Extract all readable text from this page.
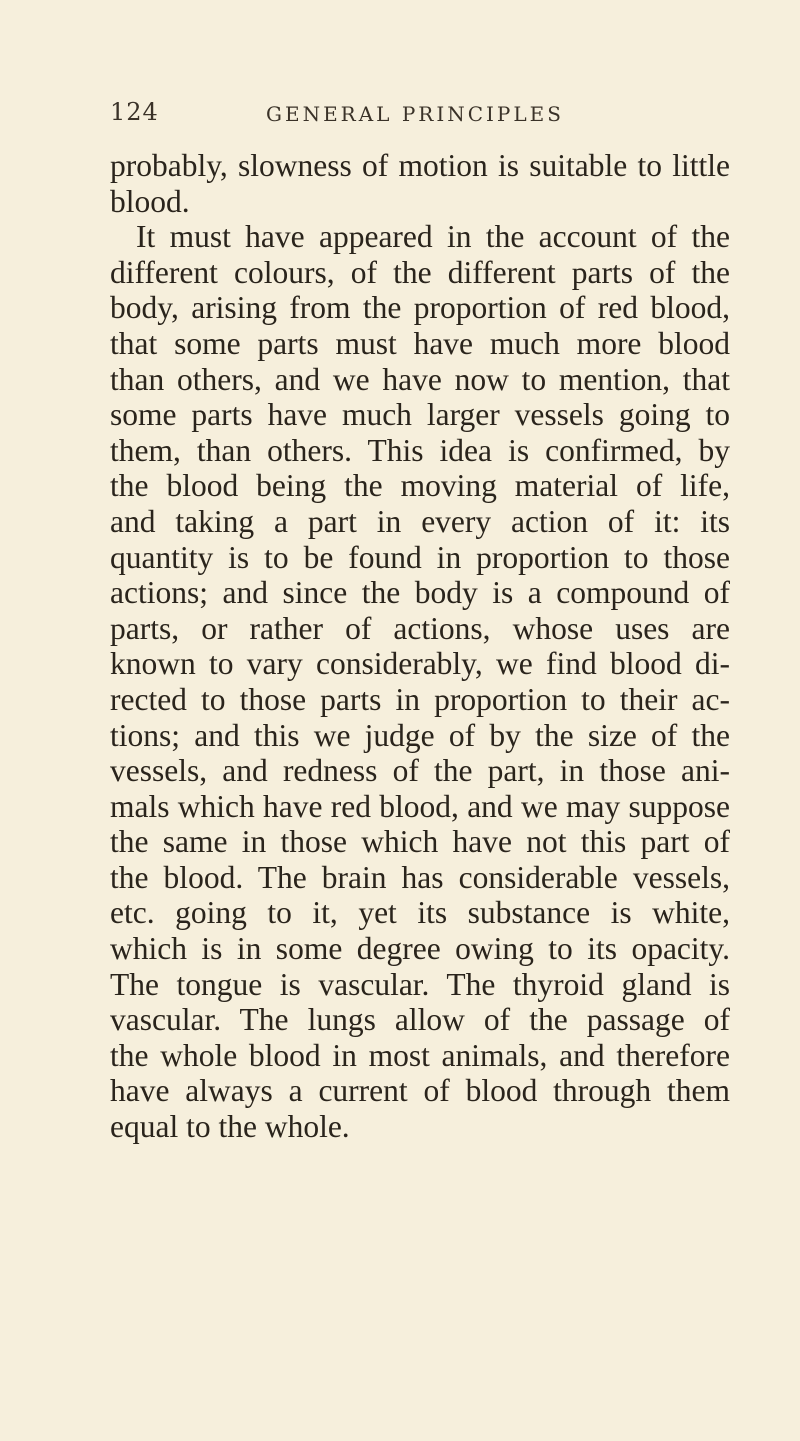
124	GENERAL PRINCIPLES
probably, slowness of motion is suitable to little
blood.
It must have appeared in the account of the
different colours, of the different parts of the
body, arising from the proportion of red blood,
that some parts must have much more blood
than others, and we have now to mention, that
some parts have much larger vessels going to
them, than others. This idea is confirmed, by
the blood being the moving material of life,
and taking a part in every action of it: its
quantity is to be found in proportion to those
actions; and since the body is a compound of
parts, or rather of actions, whose uses are
known to vary considerably, we find blood di-
rected to those parts in proportion to their ac-
tions; and this we judge of by the size of the
vessels, and redness of the part, in those ani-
mals which have red blood, and we may suppose
the same in those which have not this part of
the blood. The brain has considerable vessels,
etc. going to it, yet its substance is white,
which is in some degree owing to its opacity.
The tongue is vascular. The thyroid gland is
vascular. The lungs allow of the passage of
the whole blood in most animals, and therefore
have always a current of blood through them
equal to the whole.
